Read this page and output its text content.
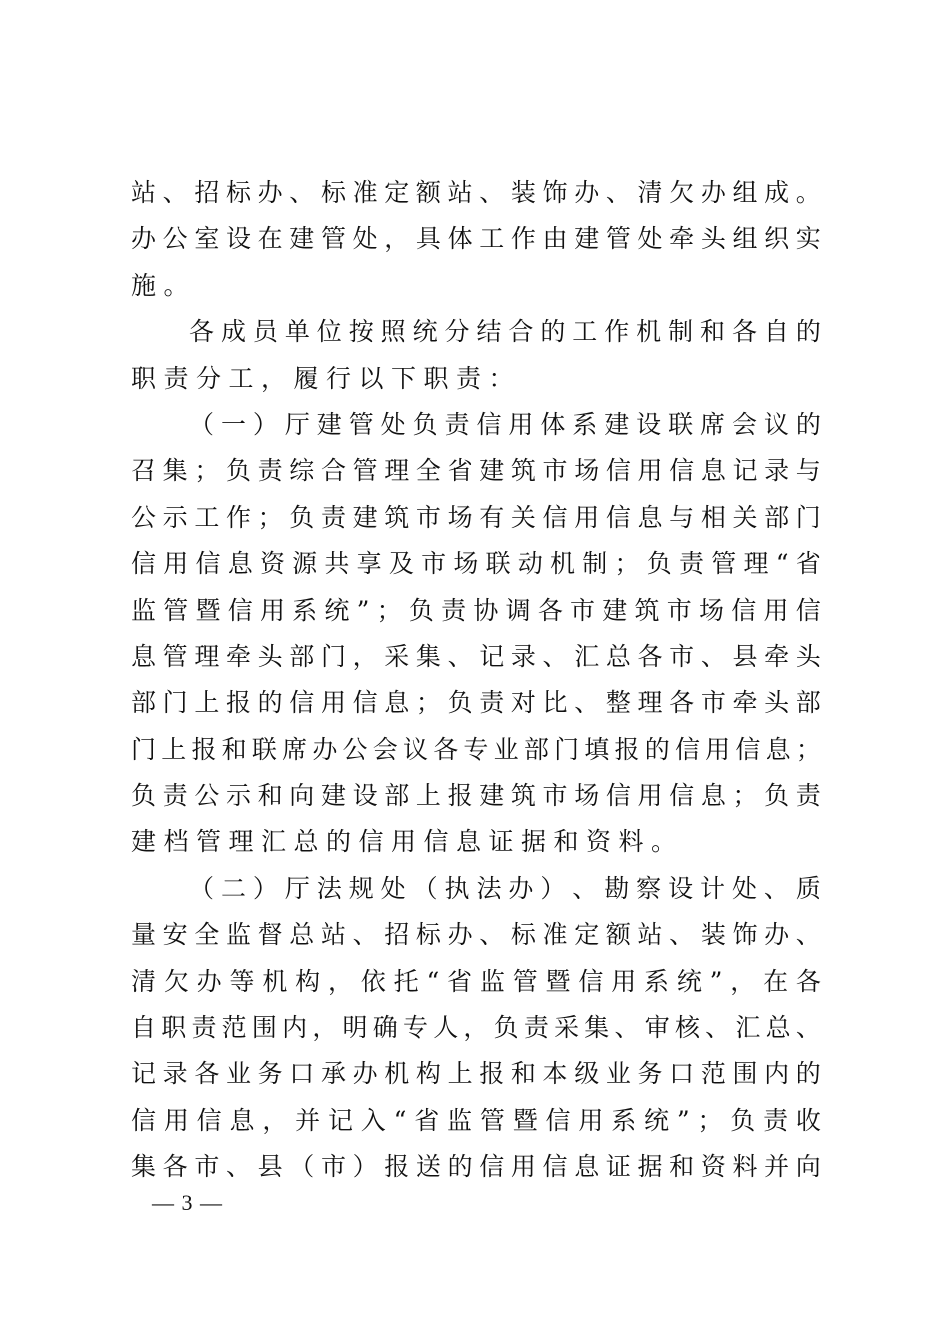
站 、 招 标 办 、 标 准 定 额 站 、 装 饰 办 、 清 欠 办 组 成 。
办 公 室 设 在 建 管 处 ， 具 体 工 作 由 建 管 处 牵 头 组 织 实
施。
各 成 员 单 位 按 照 统 分 结 合 的 工 作 机 制 和 各 自 的
职责分工，履行以下职责：
（ 一 ） 厅 建 管 处 负 责 信 用 体 系 建 设 联 席 会 议 的
召 集 ； 负 责 综 合 管 理 全 省 建 筑 市 场 信 用 信 息 记 录 与
公 示 工 作 ； 负 责 建 筑 市 场 有 关 信 用 信 息 与 相 关 部 门
信 用 信 息 资 源 共 享 及 市 场 联 动 机 制 ； 负 责 管 理 “ 省
监 管 暨 信 用 系 统 ” ； 负 责 协 调 各 市 建 筑 市 场 信 用 信
息 管 理 牵 头 部 门 ， 采 集 、 记 录 、 汇 总 各 市 、 县 牵 头
部 门 上 报 的 信 用 信 息 ； 负 责 对 比 、 整 理 各 市 牵 头 部
门 上 报 和 联 席 办 公 会 议 各 专 业 部 门 填 报 的 信 用 信 息 ；
负 责 公 示 和 向 建 设 部 上 报 建 筑 市 场 信 用 信 息 ； 负 责
建档管理汇总的信用信息证据和资料。
（ 二 ） 厅 法 规 处 （ 执 法 办 ） 、 勘 察 设 计 处 、 质
量 安 全 监 督 总 站 、 招 标 办 、 标 准 定 额 站 、 装 饰 办 、
清 欠 办 等 机 构 ， 依 托 “ 省 监 管 暨 信 用 系 统 ” ， 在 各
自 职 责 范 围 内 ， 明 确 专 人 ， 负 责 采 集 、 审 核 、 汇 总 、
记 录 各 业 务 口 承 办 机 构 上 报 和 本 级 业 务 口 范 围 内 的
信 用 信 息 ， 并 记 入 “ 省 监 管 暨 信 用 系 统 ” ； 负 责 收
集 各 市 、 县 （ 市 ） 报 送 的 信 用 信 息 证 据 和 资 料 并 向
— 3 —
